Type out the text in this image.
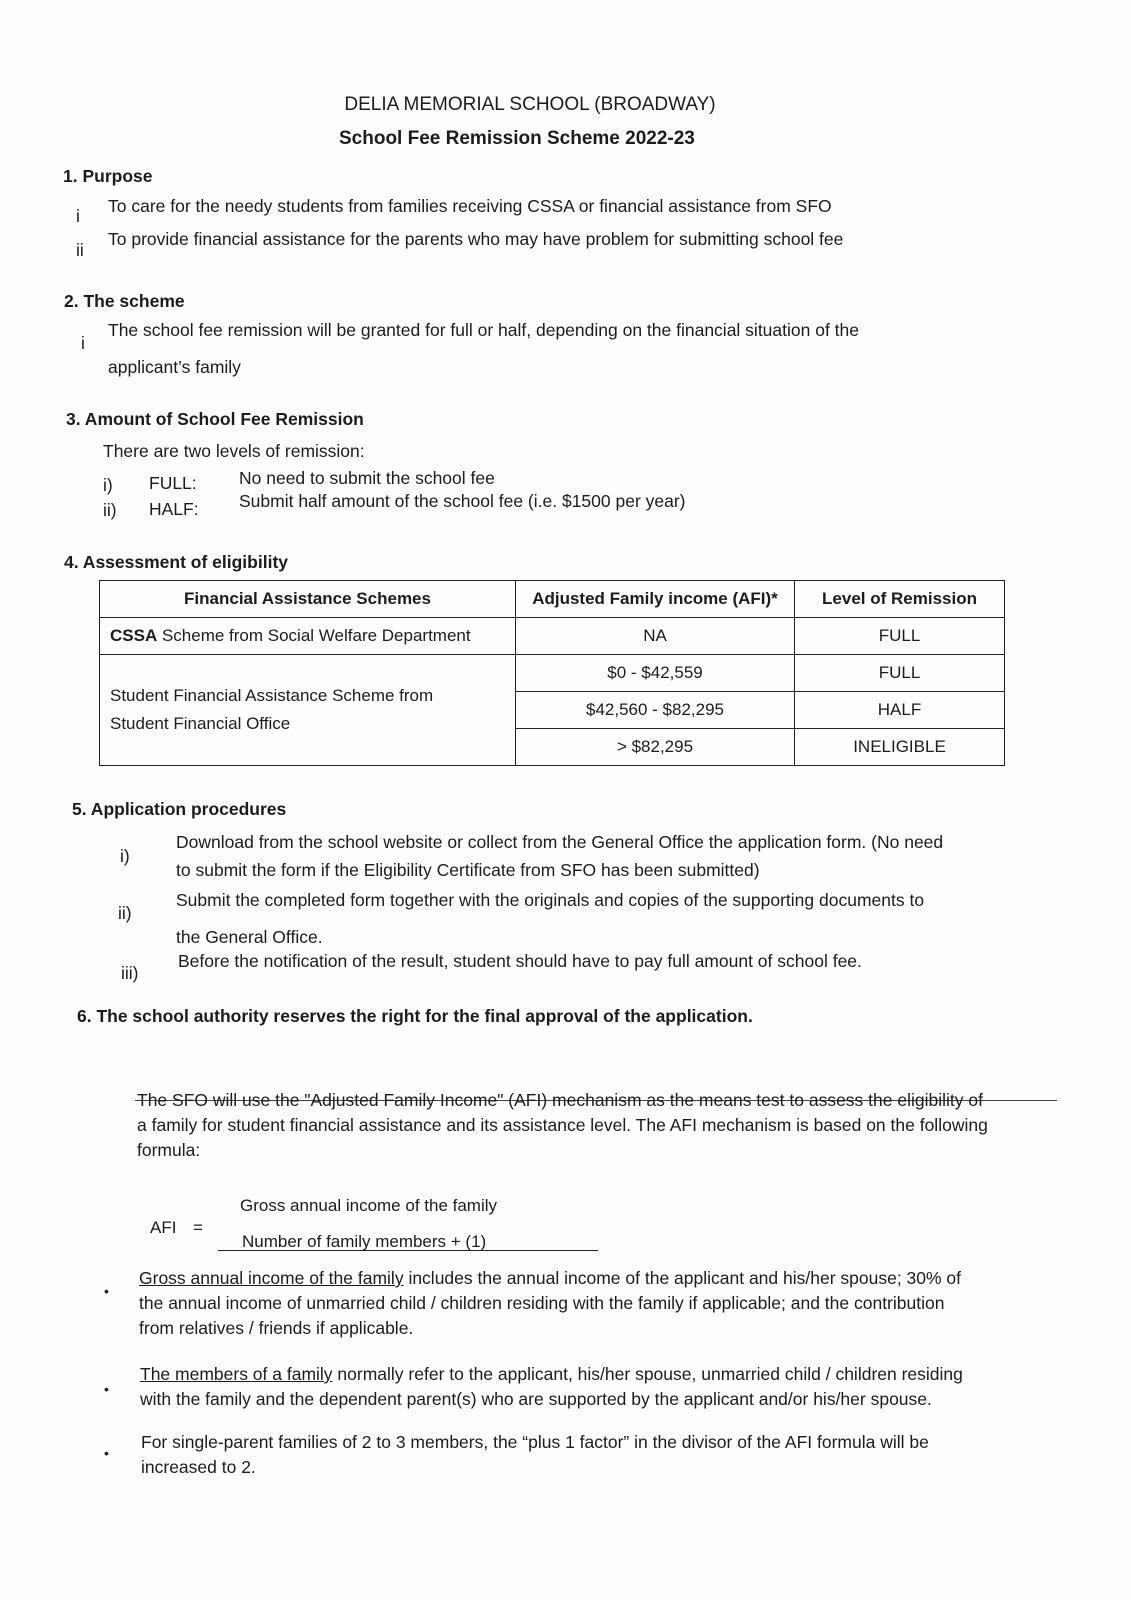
DELIA MEMORIAL SCHOOL (BROADWAY)
School Fee Remission Scheme 2022-23
1. Purpose
i To care for the needy students from families receiving CSSA or financial assistance from SFO
ii
To provide financial assistance for the parents who may have problem for submitting school fee
2. The scheme
i
The school fee remission will be granted for full or half, depending on the financial situation of the
applicant’s family
3. Amount of School Fee Remission
There are two levels of remission:
i) FULL: No need to submit the school fee
ii) HALF: Submit half amount of the school fee (i.e. $1500 per year)
4. Assessment of eligibility
Financial Assistance Schemes	Adjusted Family income (AFI)*	Level of Remission
CSSA Scheme from Social Welfare Department	NA	FULL

Student Financial Assistance Scheme from
Student Financial Office	$0 - $42,559	FULL
	$42,560 - $82,295	HALF
	> $82,295	INELIGIBLE
5. Application procedures
i)
Download from the school website or collect from the General Office the application form. (No need
to submit the form if the Eligibility Certificate from SFO has been submitted)
ii)
Submit the completed form together with the originals and copies of the supporting documents to
the General Office.
iii)
Before the notification of the result, student should have to pay full amount of school fee.
6. The school authority reserves the right for the final approval of the application.
The SFO will use the "Adjusted Family Income" (AFI) mechanism as the means test to assess the eligibility of
a family for student financial assistance and its assistance level. The AFI mechanism is based on the following
formula:
AFI =
Gross annual income of the family
Number of family members + (1)
•
Gross annual income of the family includes the annual income of the applicant and his/her spouse; 30% of
the annual income of unmarried child / children residing with the family if applicable; and the contribution
from relatives / friends if applicable.
•
The members of a family normally refer to the applicant, his/her spouse, unmarried child / children residing
with the family and the dependent parent(s) who are supported by the applicant and/or his/her spouse.
•
For single-parent families of 2 to 3 members, the “plus 1 factor” in the divisor of the AFI formula will be
increased to 2.
